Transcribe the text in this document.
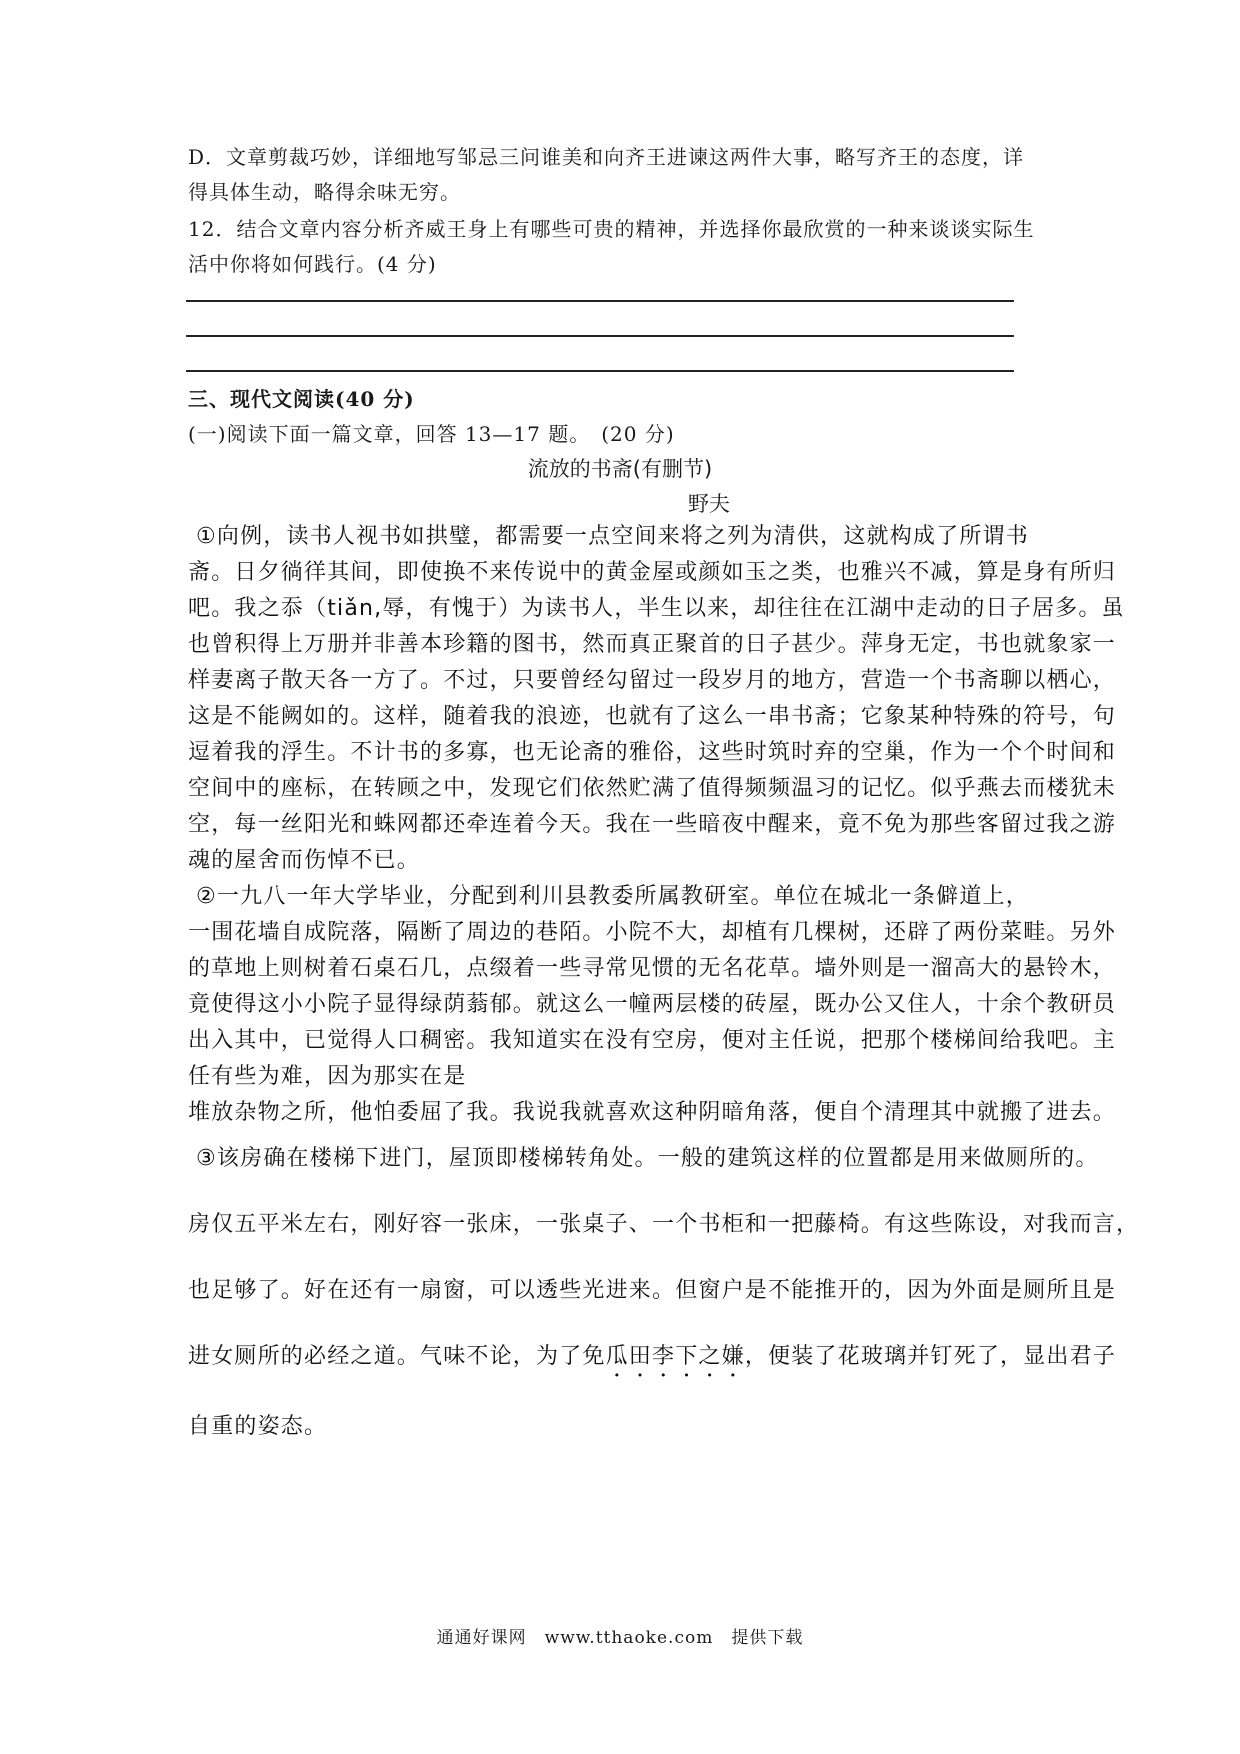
D．文章剪裁巧妙，详细地写邹忌三问谁美和向齐王进谏这两件大事，略写齐王的态度，详
得具体生动，略得余味无穷。
12．结合文章内容分析齐威王身上有哪些可贵的精神，并选择你最欣赏的一种来谈谈实际生
活中你将如何践行。(4 分)
三、现代文阅读(40 分)
(一)阅读下面一篇文章，回答 13—17 题。　(20 分)
流放的书斋(有删节)
野夫
①向例，读书人视书如拱璧，都需要一点空间来将之列为清供，这就构成了所谓书
斋。日夕徜徉其间，即使换不来传说中的黄金屋或颜如玉之类，也雅兴不减，算是身有所归
吧。我之忝（tiǎn,辱，有愧于）为读书人，半生以来，却往往在江湖中走动的日子居多。虽
也曾积得上万册并非善本珍籍的图书，然而真正聚首的日子甚少。萍身无定，书也就象家一
样妻离子散天各一方了。不过，只要曾经勾留过一段岁月的地方，营造一个书斋聊以栖心，
这是不能阙如的。这样，随着我的浪迹，也就有了这么一串书斋；它象某种特殊的符号，句
逗着我的浮生。不计书的多寡，也无论斋的雅俗，这些时筑时弃的空巢，作为一个个时间和
空间中的座标，在转顾之中，发现它们依然贮满了值得频频温习的记忆。似乎燕去而楼犹未
空，每一丝阳光和蛛网都还牵连着今天。我在一些暗夜中醒来，竟不免为那些客留过我之游
魂的屋舍而伤悼不已。
②一九八一年大学毕业，分配到利川县教委所属教研室。单位在城北一条僻道上，
一围花墙自成院落，隔断了周边的巷陌。小院不大，却植有几棵树，还辟了两份菜畦。另外
的草地上则树着石桌石几，点缀着一些寻常见惯的无名花草。墙外则是一溜高大的悬铃木，
竟使得这小小院子显得绿荫蓊郁。就这么一幢两层楼的砖屋，既办公又住人，十余个教研员
出入其中，已觉得人口稠密。我知道实在没有空房，便对主任说，把那个楼梯间给我吧。主
任有些为难，因为那实在是
堆放杂物之所，他怕委屈了我。我说我就喜欢这种阴暗角落，便自个清理其中就搬了进去。
③该房确在楼梯下进门，屋顶即楼梯转角处。一般的建筑这样的位置都是用来做厕所的。
房仅五平米左右，刚好容一张床，一张桌子、一个书柜和一把藤椅。有这些陈设，对我而言，
也足够了。好在还有一扇窗，可以透些光进来。但窗户是不能推开的，因为外面是厕所且是
进女厕所的必经之道。气味不论，为了免瓜田李下之嫌，便装了花玻璃并钉死了，显出君子
自重的姿态。
通通好课网　www.tthaoke.com　提供下载
